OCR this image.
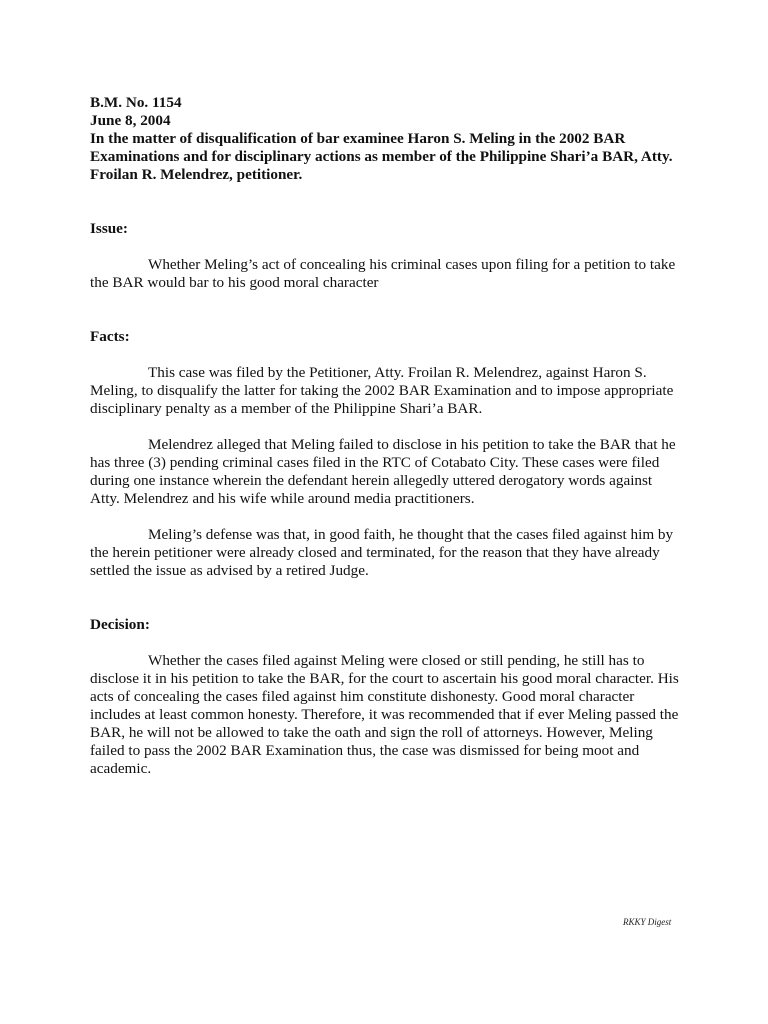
B.M. No. 1154

June 8, 2004

In the matter of disqualification of bar examinee Haron S. Meling in the 2002 BAR Examinations and for disciplinary actions as member of the Philippine Shari’a BAR, Atty. Froilan R. Melendrez, petitioner.

Issue:

Whether Meling’s act of concealing his criminal cases upon filing for a petition to take the BAR would bar to his good moral character

Facts:

This case was filed by the Petitioner, Atty. Froilan R. Melendrez, against Haron S. Meling, to disqualify the latter for taking the 2002 BAR Examination and to impose appropriate disciplinary penalty as a member of the Philippine Shari’a BAR.

Melendrez alleged that Meling failed to disclose in his petition to take the BAR that he has three (3) pending criminal cases filed in the RTC of Cotabato City. These cases were filed during one instance wherein the defendant herein allegedly uttered derogatory words against Atty. Melendrez and his wife while around media practitioners.

Meling’s defense was that, in good faith, he thought that the cases filed against him by the herein petitioner were already closed and terminated, for the reason that they have already settled the issue as advised by a retired Judge.

Decision:

Whether the cases filed against Meling were closed or still pending, he still has to disclose it in his petition to take the BAR, for the court to ascertain his good moral character. His acts of concealing the cases filed against him constitute dishonesty. Good moral character includes at least common honesty. Therefore, it was recommended that if ever Meling passed the BAR, he will not be allowed to take the oath and sign the roll of attorneys. However, Meling failed to pass the 2002 BAR Examination thus, the case was dismissed for being moot and academic.

RKKY Digest
